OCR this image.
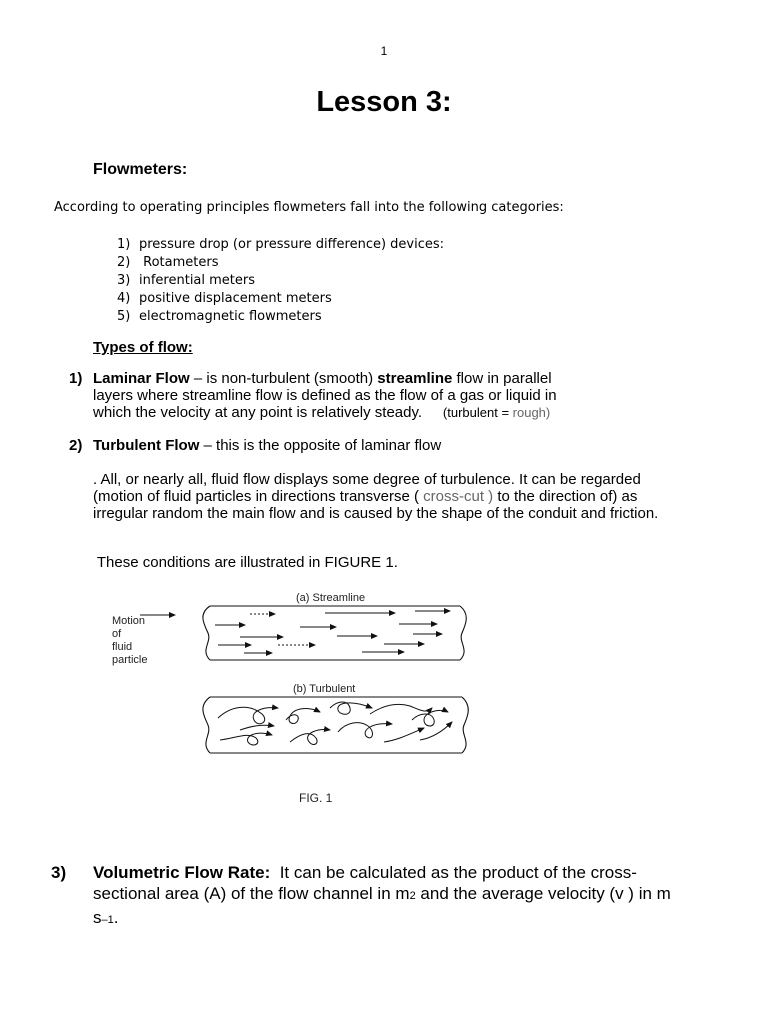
1
Lesson 3:
Flowmeters:
According to operating principles flowmeters fall into the following categories:
1) pressure drop (or pressure difference) devices:
2) Rotameters
3) inferential meters
4) positive displacement meters
5) electromagnetic flowmeters
Types of flow:
1) Laminar Flow – is non-turbulent (smooth) streamline flow in parallel layers where streamline flow is defined as the flow of a gas or liquid in which the velocity at any point is relatively steady. (turbulent = rough)
2) Turbulent Flow – this is the opposite of laminar flow
. All, or nearly all, fluid flow displays some degree of turbulence. It can be regarded (motion of fluid particles in directions transverse ( cross-cut ) to the direction of) as irregular random the main flow and is caused by the shape of the conduit and friction.
These conditions are illustrated in FIGURE 1.
(a) Streamline
(b) Turbulent
Motion
of
fluid
particle
FIG. 1
3) Volumetric Flow Rate:  It can be calculated as the product of the cross-sectional area (A) of the flow channel in m2 and the average velocity (v ) in m s–1.
